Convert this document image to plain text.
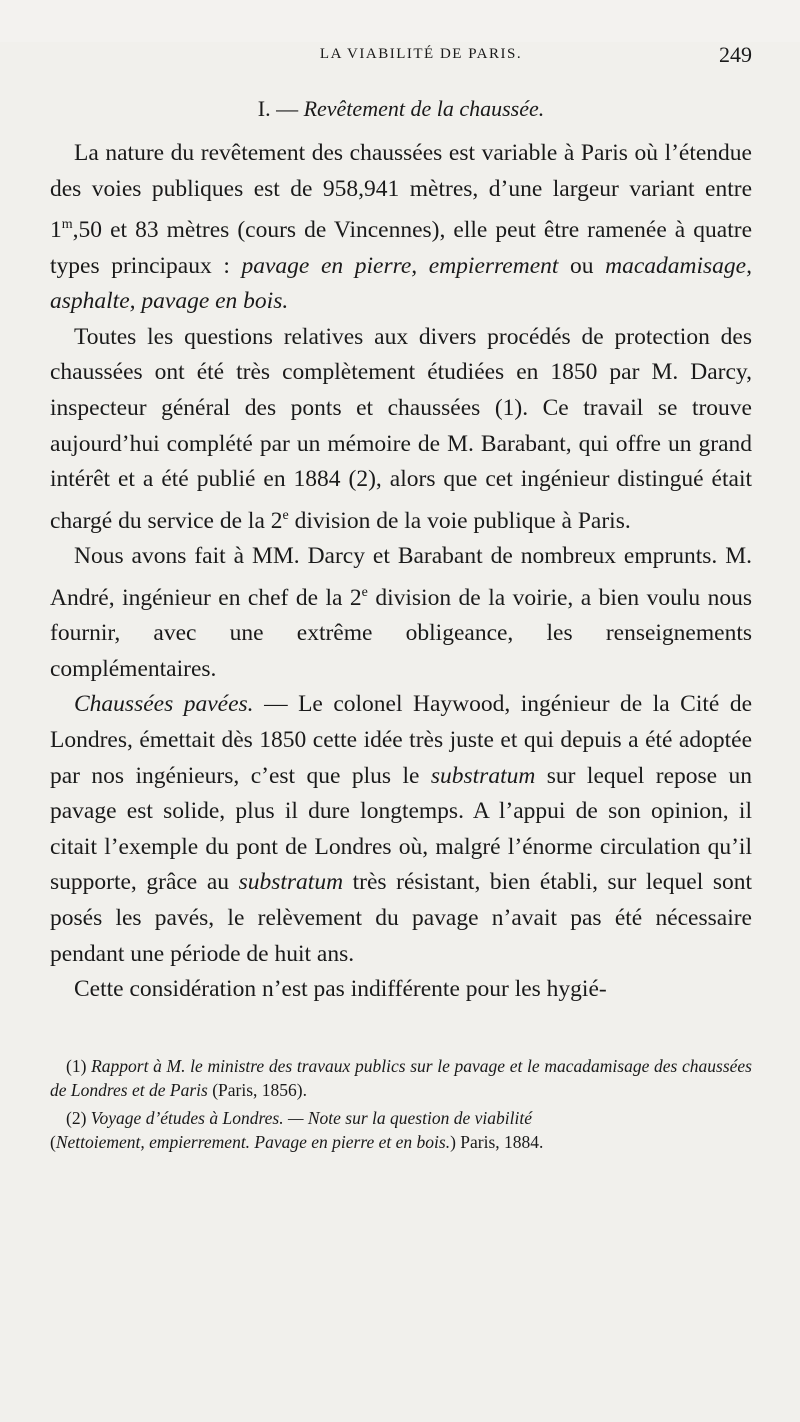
LA VIABILITÉ DE PARIS.	249
I. — Revêtement de la chaussée.

La nature du revêtement des chaussées est variable à Paris où l’étendue des voies publiques est de 958,941 mètres, d’une largeur variant entre 1$^m$,50 et 83 mètres (cours de Vincennes), elle peut être ramenée à quatre types principaux : pavage en pierre, empierrement ou macadamisage, asphalte, pavage en bois.

Toutes les questions relatives aux divers procédés de protection des chaussées ont été très complètement étudiées en 1850 par M. Darcy, inspecteur général des ponts et chaussées (1). Ce travail se trouve aujourd’hui complété par un mémoire de M. Barabant, qui offre un grand intérêt et a été publié en 1884 (2), alors que cet ingénieur distingué était chargé du service de la 2e division de la voie publique à Paris.

Nous avons fait à MM. Darcy et Barabant de nombreux emprunts. M. André, ingénieur en chef de la 2e division de la voirie, a bien voulu nous fournir, avec une extrême obligeance, les renseignements complémentaires.

Chaussées pavées. — Le colonel Haywood, ingénieur de la Cité de Londres, émettait dès 1850 cette idée très juste et qui depuis a été adoptée par nos ingénieurs, c’est que plus le substratum sur lequel repose un pavage est solide, plus il dure longtemps. A l’appui de son opinion, il citait l’exemple du pont de Londres où, malgré l’énorme circulation qu’il supporte, grâce au substratum très résistant, bien établi, sur lequel sont posés les pavés, le relèvement du pavage n’avait pas été nécessaire pendant une période de huit ans.

Cette considération n’est pas indifférente pour les hygié-

(1) Rapport à M. le ministre des travaux publics sur le pavage et le macadamisage des chaussées de Londres et de Paris (Paris, 1856).

(2) Voyage d’études à Londres. — Note sur la question de viabilité
(Nettoiement, empierrement. Pavage en pierre et en bois.) Paris, 1884.
